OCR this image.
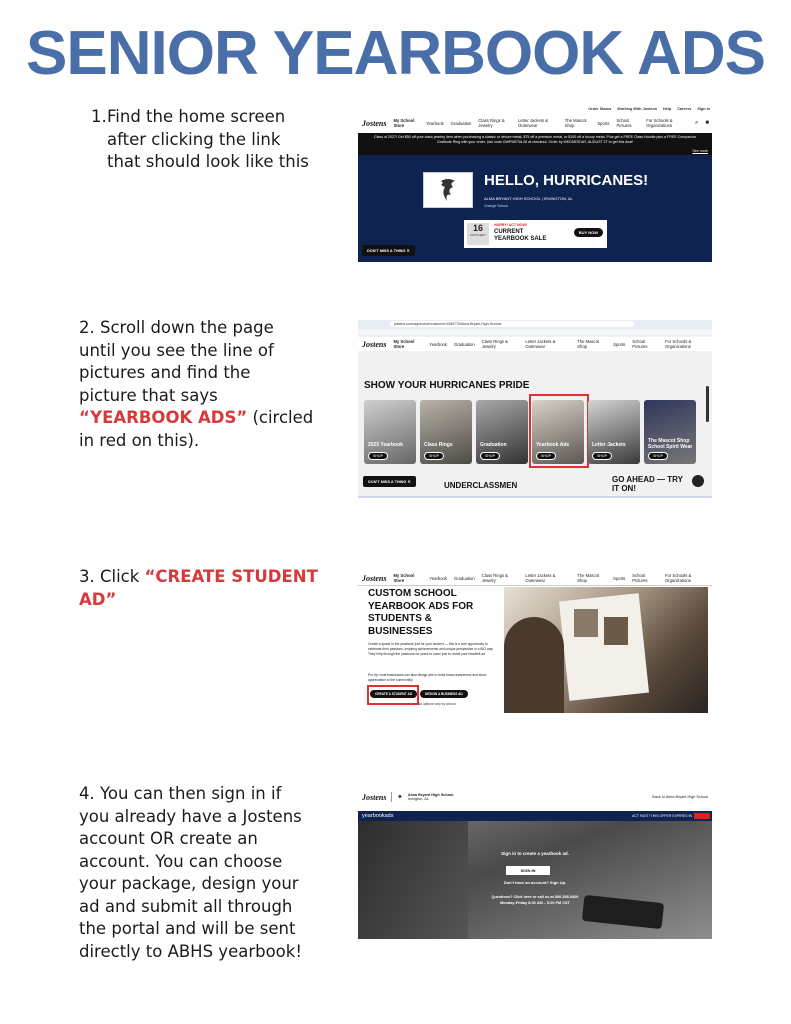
SENIOR YEARBOOK ADS
1. Find the home screen
after clicking the link
that should look like this
Order Status Working With Jostens Help Careers Sign In
Jostens My School Store	Yearbook Graduation Class Rings & Jewelry
Letter Jackets & Outerwear
The Mascot Shop	Sports School Pictures
For Schools & Organizations	⌕ ■
Class of 2027! Get $50 off your class jewelry item when purchasing a classic or deluxe metal, $75 off a premium metal, or $100 off a luxury metal. Plus get a FREE Class Hoodie plus a FREE Companion Gratitude Ring with your order. Use code GWPMETAL26 at checkout. Order by WEDNESDAY, AUGUST 27 to get this deal!
See more
HELLO, HURRICANES!
ALMA BRYANT HIGH SCHOOL | IRVINGTON, AL
Change School
16
DAYS LEFT
HURRY! ACT NOW!
CURRENT
YEARBOOK SALE
BUY NOW
DON'T MISS A THING ✕
2. Scroll down the page
until you see the line of
pictures and find the
picture that says
“YEARBOOK ADS” (circled
in red on this).
jostens.com/apps/store/customer/1089776/Alma-Bryant-High-School/
Jostens My School Store	Yearbook Graduation Class Rings & Jewelry
Letter Jackets & Outerwear
The Mascot Shop	Sports School Pictures
For Schools & Organizations
SHOW YOUR HURRICANES PRIDE
2025 Yearbook
SHOP
Class Rings
SHOP
Graduation
SHOP
Yearbook Ads
SHOP
Letter Jackets
SHOP
The Mascot Shop School Spirit Wear
SHOP
DON'T MISS A THING ✕	UNDERCLASSMEN
GO AHEAD — TRY IT ON!
3. Click “CREATE STUDENT
AD”
Jostens My School Store	Yearbook Graduation Class Rings & Jewelry
Letter Jackets & Outerwear
The Mascot Shop	Sports School Pictures
For Schools & Organizations
CUSTOM SCHOOL
YEARBOOK ADS FOR
STUDENTS &
BUSINESSES
Create a space in the yearbook just for your student — this is a rare opportunity to celebrate their passions, inspiring achievements and unique perspective in a BIG way. They'll flip through the yearbook for years to come just to revisit your heartfelt ad.
Pro tip: local businesses can also design ads to build brand awareness and show appreciation to the community!
CREATE A STUDENT AD	DESIGN A BUSINESS AD
Ad options vary by school.
4. You can then sign in if
you already have a Jostens
account OR create an
account. You can choose
your package, design your
ad and submit all through
the portal and will be sent
directly to ABHS yearbook!
Jostens ✦ Alma Bryant High School
Irvington, AL	Back to Alma Bryant High School
yearbookads	ACT FAST! THIS OFFER EXPIRES IN
Sign in to create a yearbook ad.
SIGN IN
Don't have an account? Sign Up.
Questions? Click here or call us at 800-358-0800
Monday-Friday 8:00 AM – 5:00 PM CST
